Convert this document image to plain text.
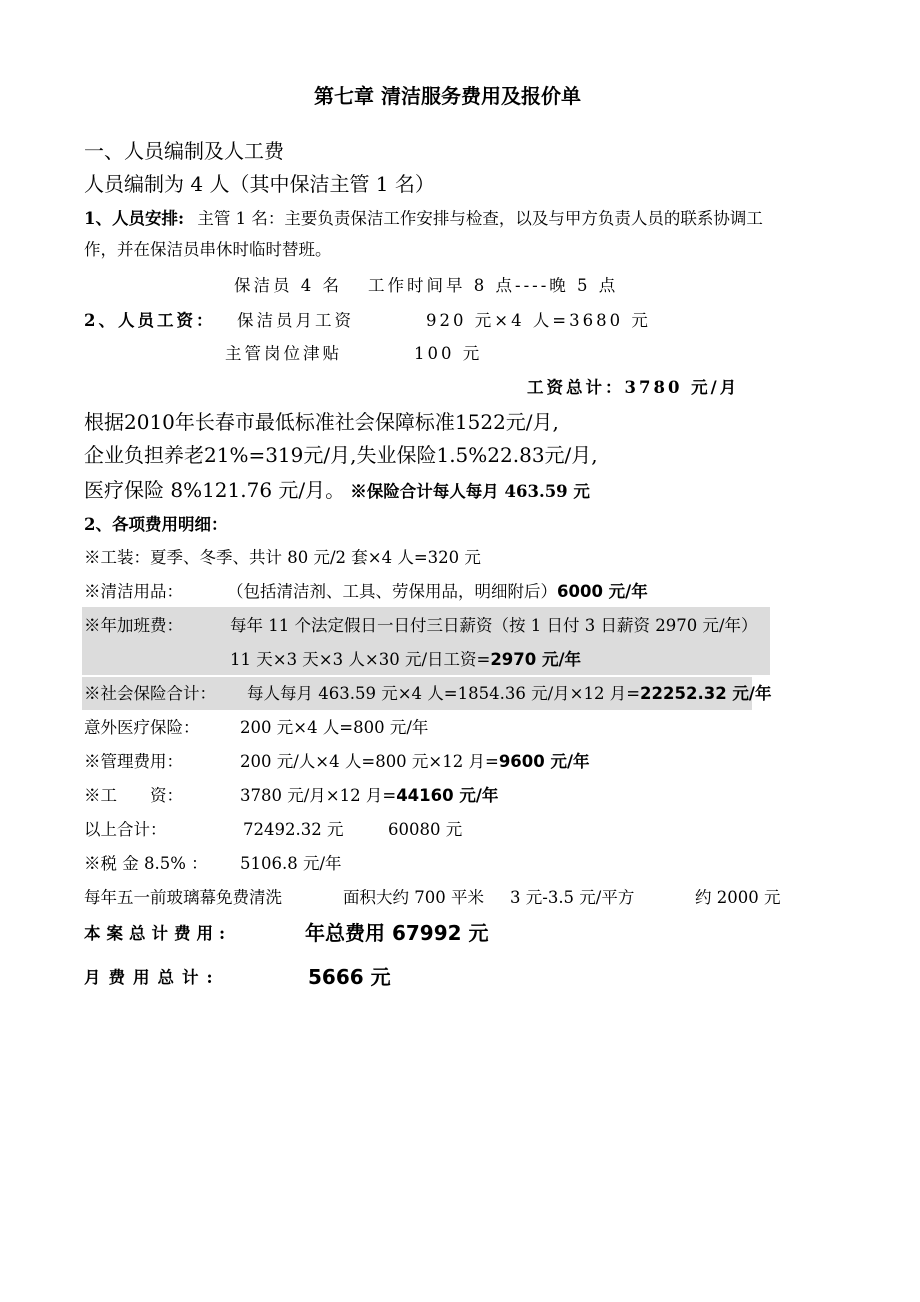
第七章 清洁服务费用及报价单
一、人员编制及人工费
人员编制为 4 人（其中保洁主管 1 名）
1、人员安排: 主管 1 名：主要负责保洁工作安排与检查，以及与甲方负责人员的联系协调工
作，并在保洁员串休时临时替班。
保洁员 4 名 工作时间早 8 点----晚 5 点
2、人员工资： 保洁员月工资	920 元×4 人=3680 元
主管岗位津贴	100 元
工资总计：3780 元/月
根据2010年长春市最低标准社会保障标准1522元/月,
企业负担养老21%=319元/月,失业保险1.5%22.83元/月,
医疗保险 8%121.76 元/月。 ※保险合计每人每月 463.59 元
2、各项费用明细：
※工装：夏季、冬季、共计 80 元/2 套×4 人=320 元
※清洁用品：	（包括清洁剂、工具、劳保用品，明细附后）6000 元/年
※年加班费：	每年 11 个法定假日一日付三日薪资（按 1 日付 3 日薪资 2970 元/年）
11 天×3 天×3 人×30 元/日工资=2970 元/年
※社会保险合计： 每人每月 463.59 元×4 人=1854.36 元/月×12 月=22252.32 元/年
意外医疗保险： 200 元×4 人=800 元/年
※管理费用：	200 元/人×4 人=800 元×12 月=9600 元/年
※工　　资：	3780 元/月×12 月=44160 元/年
以上合计：	72492.32 元	60080 元
※税 金 8.5% ： 5106.8 元/年
每年五一前玻璃幕免费清洗	面积大约 700 平米 3 元-3.5 元/平方	约 2000 元
本案总计费用:	年总费用 67992 元
月费用总计:	5666 元
